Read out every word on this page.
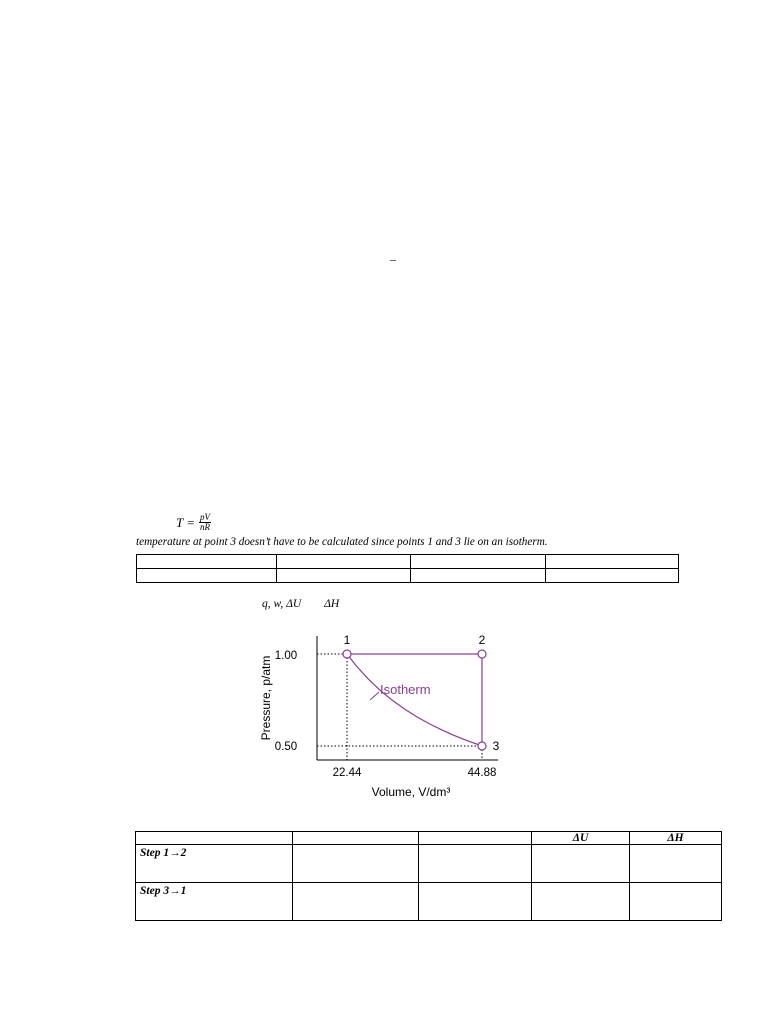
–
$T = \frac{pV}{nR}$
temperature at point 3 doesn’t have to be calculated since points 1 and 3 lie on an isotherm.

q, w, ΔU        ΔH
1	2
3
1.00
0.50
22.44	44.88
Volume, V/dm³
Pressure, p/atm	Isotherm
			ΔU	ΔH
Step 1→2				
Step 3→1				
